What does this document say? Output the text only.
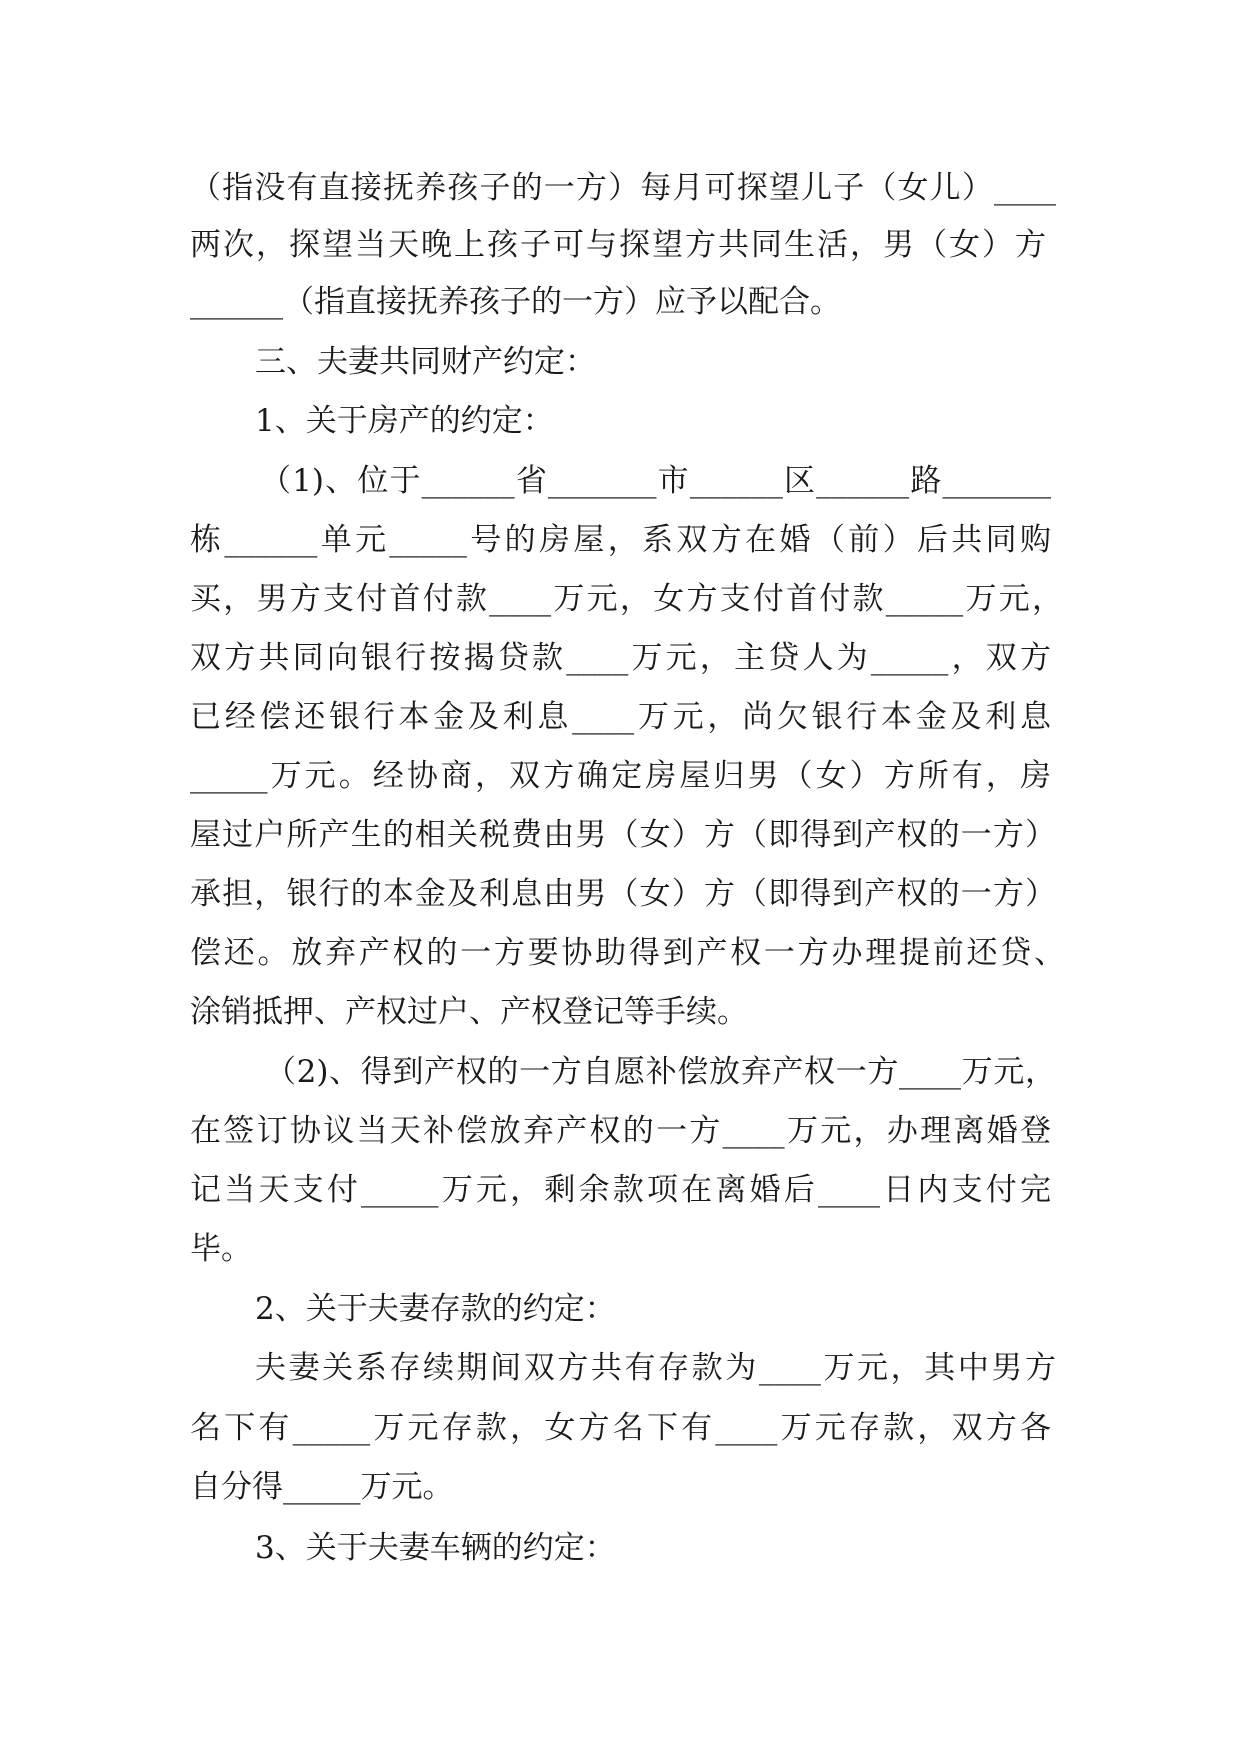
（指没有直接抚养孩子的一方）每月可探望儿子（女儿）____
两次，探望当天晚上孩子可与探望方共同生活，男（女）方
______（指直接抚养孩子的一方）应予以配合。
三、夫妻共同财产约定：
1、关于房产的约定：
（1)、位于______省_______市______区______路_______
栋______单元_____号的房屋，系双方在婚（前）后共同购
买，男方支付首付款____万元，女方支付首付款_____万元，
双方共同向银行按揭贷款____万元，主贷人为_____，双方
已经偿还银行本金及利息____万元，尚欠银行本金及利息
_____万元。经协商，双方确定房屋归男（女）方所有，房
屋过户所产生的相关税费由男（女）方（即得到产权的一方）
承担，银行的本金及利息由男（女）方（即得到产权的一方）
偿还。放弃产权的一方要协助得到产权一方办理提前还贷、
涂销抵押、产权过户、产权登记等手续。
（2)、得到产权的一方自愿补偿放弃产权一方____万元，
在签订协议当天补偿放弃产权的一方____万元，办理离婚登
记当天支付_____万元，剩余款项在离婚后____日内支付完
毕。
2、关于夫妻存款的约定：
夫妻关系存续期间双方共有存款为____万元，其中男方
名下有_____万元存款，女方名下有____万元存款，双方各
自分得_____万元。
3、关于夫妻车辆的约定：
